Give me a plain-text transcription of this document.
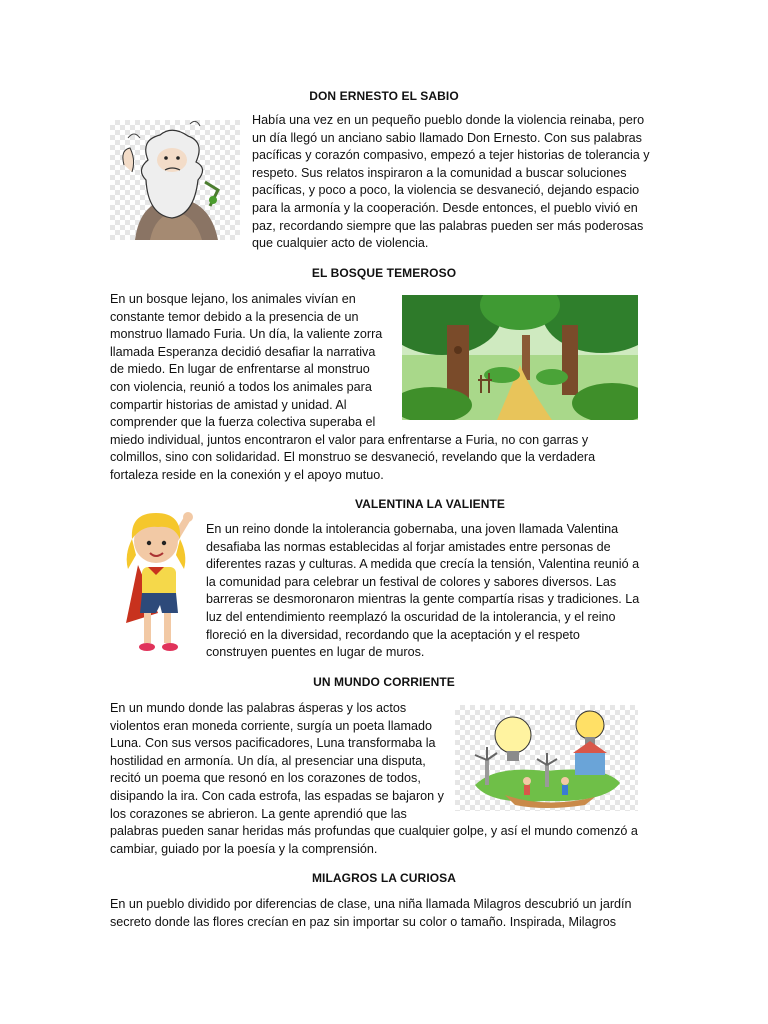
DON ERNESTO EL SABIO
Había una vez en un pequeño pueblo donde la violencia reinaba, pero
un día llegó un anciano sabio llamado Don Ernesto. Con sus palabras
pacíficas y corazón compasivo, empezó a tejer historias de tolerancia y
respeto. Sus relatos inspiraron a la comunidad a buscar soluciones
pacíficas, y poco a poco, la violencia se desvaneció, dejando espacio
para la armonía y la cooperación. Desde entonces, el pueblo vivió en
paz, recordando siempre que las palabras pueden ser más poderosas
que cualquier acto de violencia.
EL BOSQUE TEMEROSO
En un bosque lejano, los animales vivían en
constante temor debido a la presencia de un
monstruo llamado Furia. Un día, la valiente zorra
llamada Esperanza decidió desafiar la narrativa
de miedo. En lugar de enfrentarse al monstruo
con violencia, reunió a todos los animales para
compartir historias de amistad y unidad. Al
comprender que la fuerza colectiva superaba el
miedo individual, juntos encontraron el valor para enfrentarse a Furia, no con garras y
colmillos, sino con solidaridad. El monstruo se desvaneció, revelando que la verdadera
fortaleza reside en la conexión y el apoyo mutuo.
VALENTINA LA VALIENTE
En un reino donde la intolerancia gobernaba, una joven llamada Valentina
desafiaba las normas establecidas al forjar amistades entre personas de
diferentes razas y culturas. A medida que crecía la tensión, Valentina reunió a
la comunidad para celebrar un festival de colores y sabores diversos. Las
barreras se desmoronaron mientras la gente compartía risas y tradiciones. La
luz del entendimiento reemplazó la oscuridad de la intolerancia, y el reino
floreció en la diversidad, recordando que la aceptación y el respeto
construyen puentes en lugar de muros.
UN MUNDO CORRIENTE
En un mundo donde las palabras ásperas y los actos
violentos eran moneda corriente, surgía un poeta llamado
Luna. Con sus versos pacificadores, Luna transformaba la
hostilidad en armonía. Un día, al presenciar una disputa,
recitó un poema que resonó en los corazones de todos,
disipando la ira. Con cada estrofa, las espadas se bajaron y
los corazones se abrieron. La gente aprendió que las
palabras pueden sanar heridas más profundas que cualquier golpe, y así el mundo comenzó a
cambiar, guiado por la poesía y la comprensión.
MILAGROS LA CURIOSA
En un pueblo dividido por diferencias de clase, una niña llamada Milagros descubrió un jardín
secreto donde las flores crecían en paz sin importar su color o tamaño. Inspirada, Milagros
